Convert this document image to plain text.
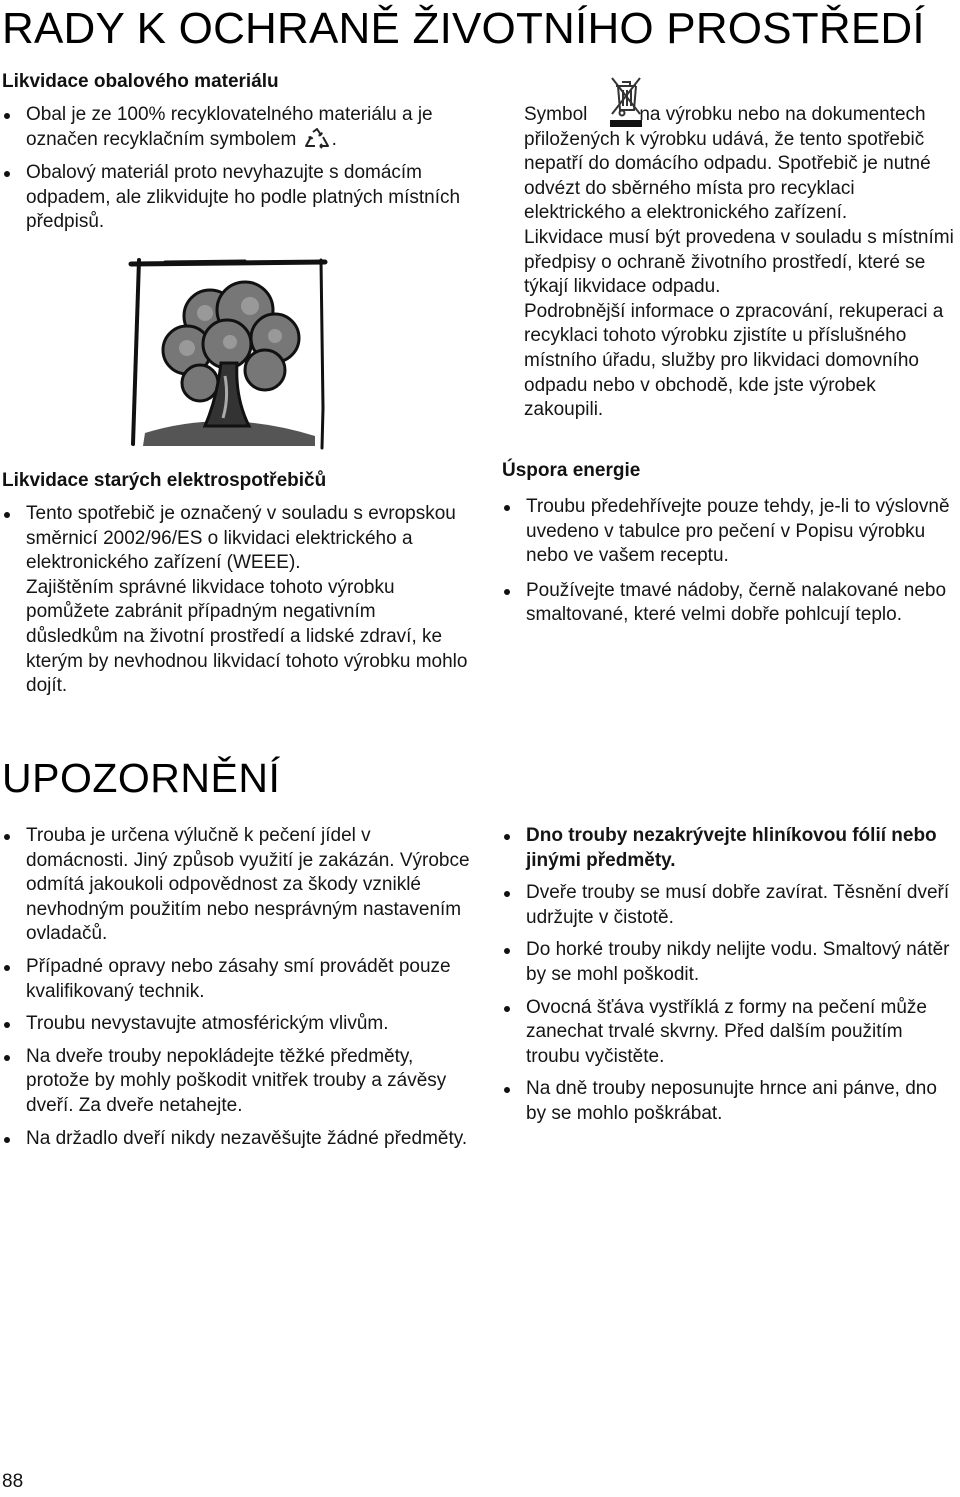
RADY K OCHRANĚ ŽIVOTNÍHO PROSTŘEDÍ
Likvidace obalového materiálu
Obal je ze 100% recyklovatelného materiálu a je označen recyklačním symbolem .
Obalový materiál proto nevyhazujte s domácím odpadem, ale zlikvidujte ho podle platných místních předpisů.
Likvidace starých elektrospotřebičů
Tento spotřebič je označený v souladu s evropskou směrnicí 2002/96/ES o likvidaci elektrického a elektronického zařízení (WEEE).
Zajištěním správné likvidace tohoto výrobku pomůžete zabránit případným negativním důsledkům na životní prostředí a lidské zdraví, ke kterým by nevhodnou likvidací tohoto výrobku mohlo dojít.

Symbol	na výrobku nebo na dokumentech přiložených k výrobku udává, že tento spotřebič nepatří do domácího odpadu. Spotřebič je nutné odvézt do sběrného místa pro recyklaci elektrického a elektronického zařízení.

Likvidace musí být provedena v souladu s místními předpisy o ochraně životního prostředí, které se týkají likvidace odpadu.

Podrobnější informace o zpracování, rekuperaci a recyklaci tohoto výrobku zjistíte u příslušného místního úřadu, služby pro likvidaci domovního odpadu nebo v obchodě, kde jste výrobek zakoupili.

Úspora energie
Troubu předehřívejte pouze tehdy, je-li to výslovně uvedeno v tabulce pro pečení v Popisu výrobku nebo ve vašem receptu.
Používejte tmavé nádoby, černě nalakované nebo smaltované, které velmi dobře pohlcují teplo.
UPOZORNĚNÍ
Trouba je určena výlučně k pečení jídel v domácnosti. Jiný způsob využití je zakázán. Výrobce odmítá jakoukoli odpovědnost za škody vzniklé nevhodným použitím nebo nesprávným nastavením ovladačů.
Případné opravy nebo zásahy smí provádět pouze kvalifikovaný technik.
Troubu nevystavujte atmosférickým vlivům.
Na dveře trouby nepokládejte těžké předměty, protože by mohly poškodit vnitřek trouby a závěsy dveří. Za dveře netahejte.
Na držadlo dveří nikdy nezavěšujte žádné předměty.
Dno trouby nezakrývejte hliníkovou fólií nebo jinými předměty.
Dveře trouby se musí dobře zavírat. Těsnění dveří udržujte v čistotě.
Do horké trouby nikdy nelijte vodu. Smaltový nátěr by se mohl poškodit.
Ovocná šťáva vystříklá z formy na pečení může zanechat trvalé skvrny. Před dalším použitím troubu vyčistěte.
Na dně trouby neposunujte hrnce ani pánve, dno by se mohlo poškrábat.
88
